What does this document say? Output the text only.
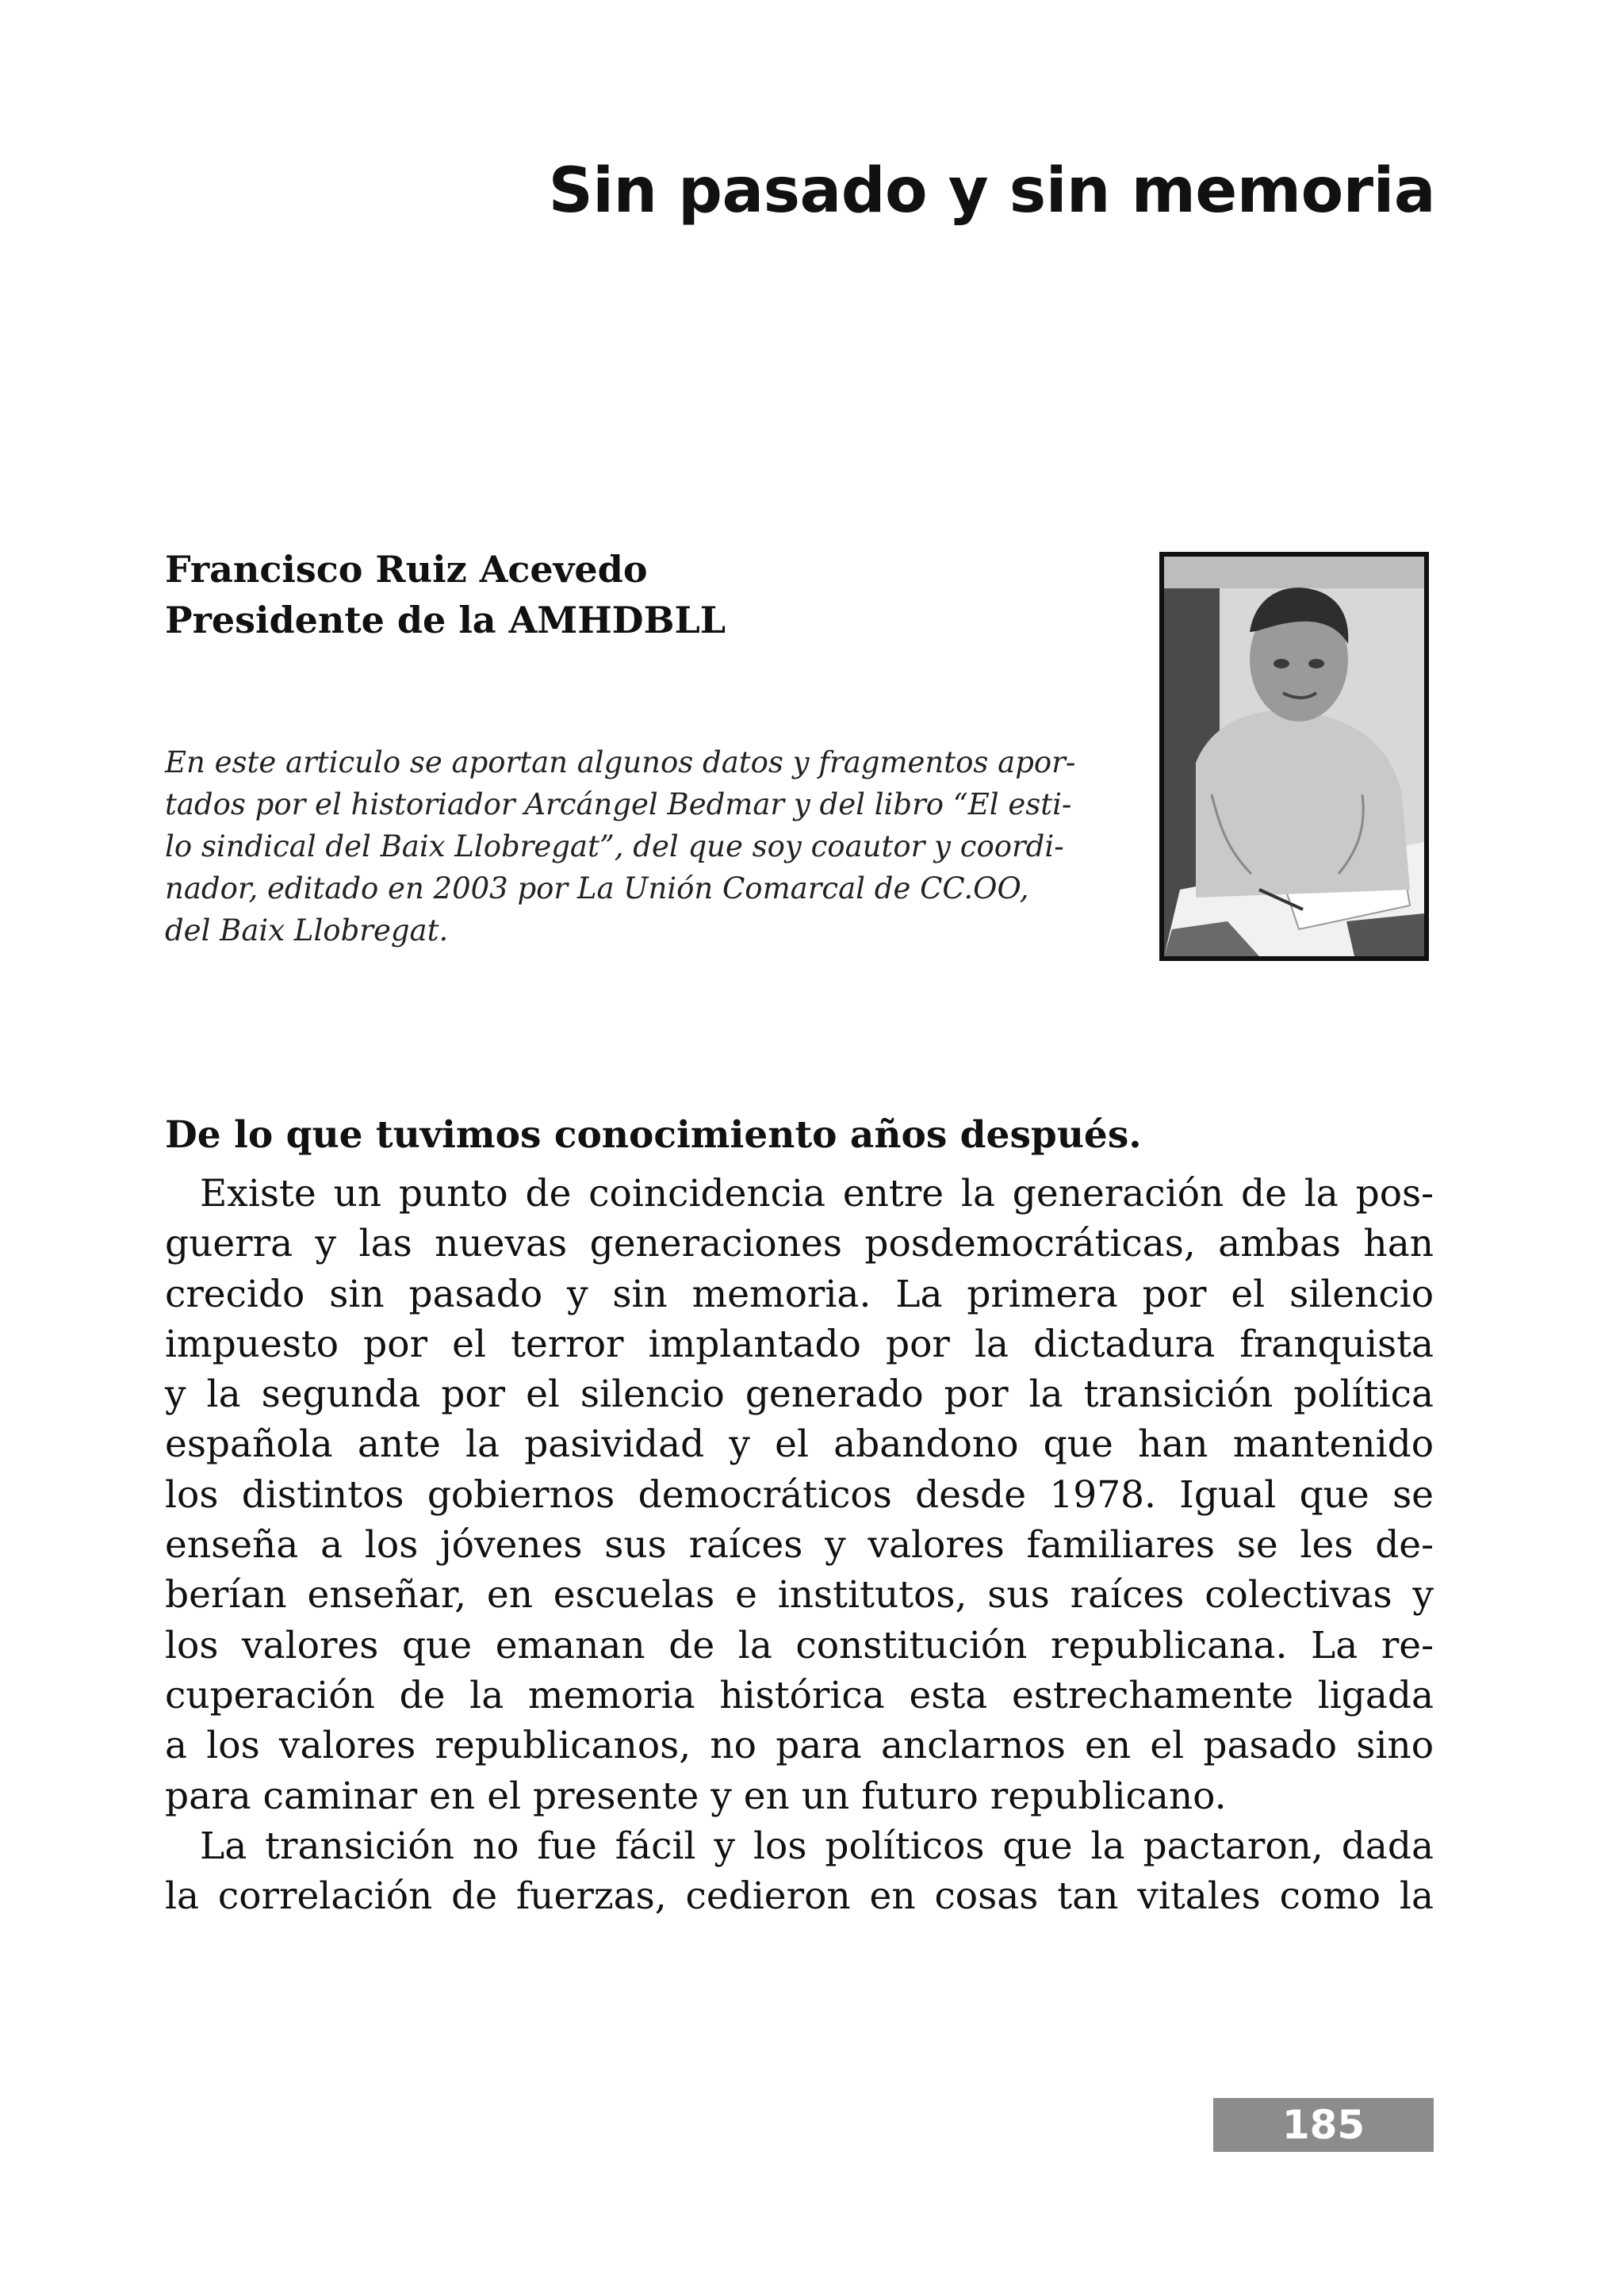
Sin pasado y sin memoria
Francisco Ruiz Acevedo
Presidente de la AMHDBLL
En este articulo se aportan algunos datos y fragmentos apor-
tados por el historiador Arcángel Bedmar y del libro “El esti-
lo sindical del Baix Llobregat”, del que soy coautor y coordi-
nador, editado en 2003 por La Unión Comarcal de CC.OO,
del Baix Llobregat.
De lo que tuvimos conocimiento años después.
Existe un punto de coincidencia entre la generación de la pos-
guerra y las nuevas generaciones posdemocráticas, ambas han
crecido sin pasado y sin memoria. La primera por el silencio
impuesto por el terror implantado por la dictadura franquista
y la segunda por el silencio generado por la transición política
española ante la pasividad y el abandono que han mantenido
los distintos gobiernos democráticos desde 1978. Igual que se
enseña a los jóvenes sus raíces y valores familiares se les de-
berían enseñar, en escuelas e institutos, sus raíces colectivas y
los valores que emanan de la constitución republicana. La re-
cuperación de la memoria histórica esta estrechamente ligada
a los valores republicanos, no para anclarnos en el pasado sino
para caminar en el presente y en un futuro republicano.
La transición no fue fácil y los políticos que la pactaron, dada
la correlación de fuerzas, cedieron en cosas tan vitales como la
185
